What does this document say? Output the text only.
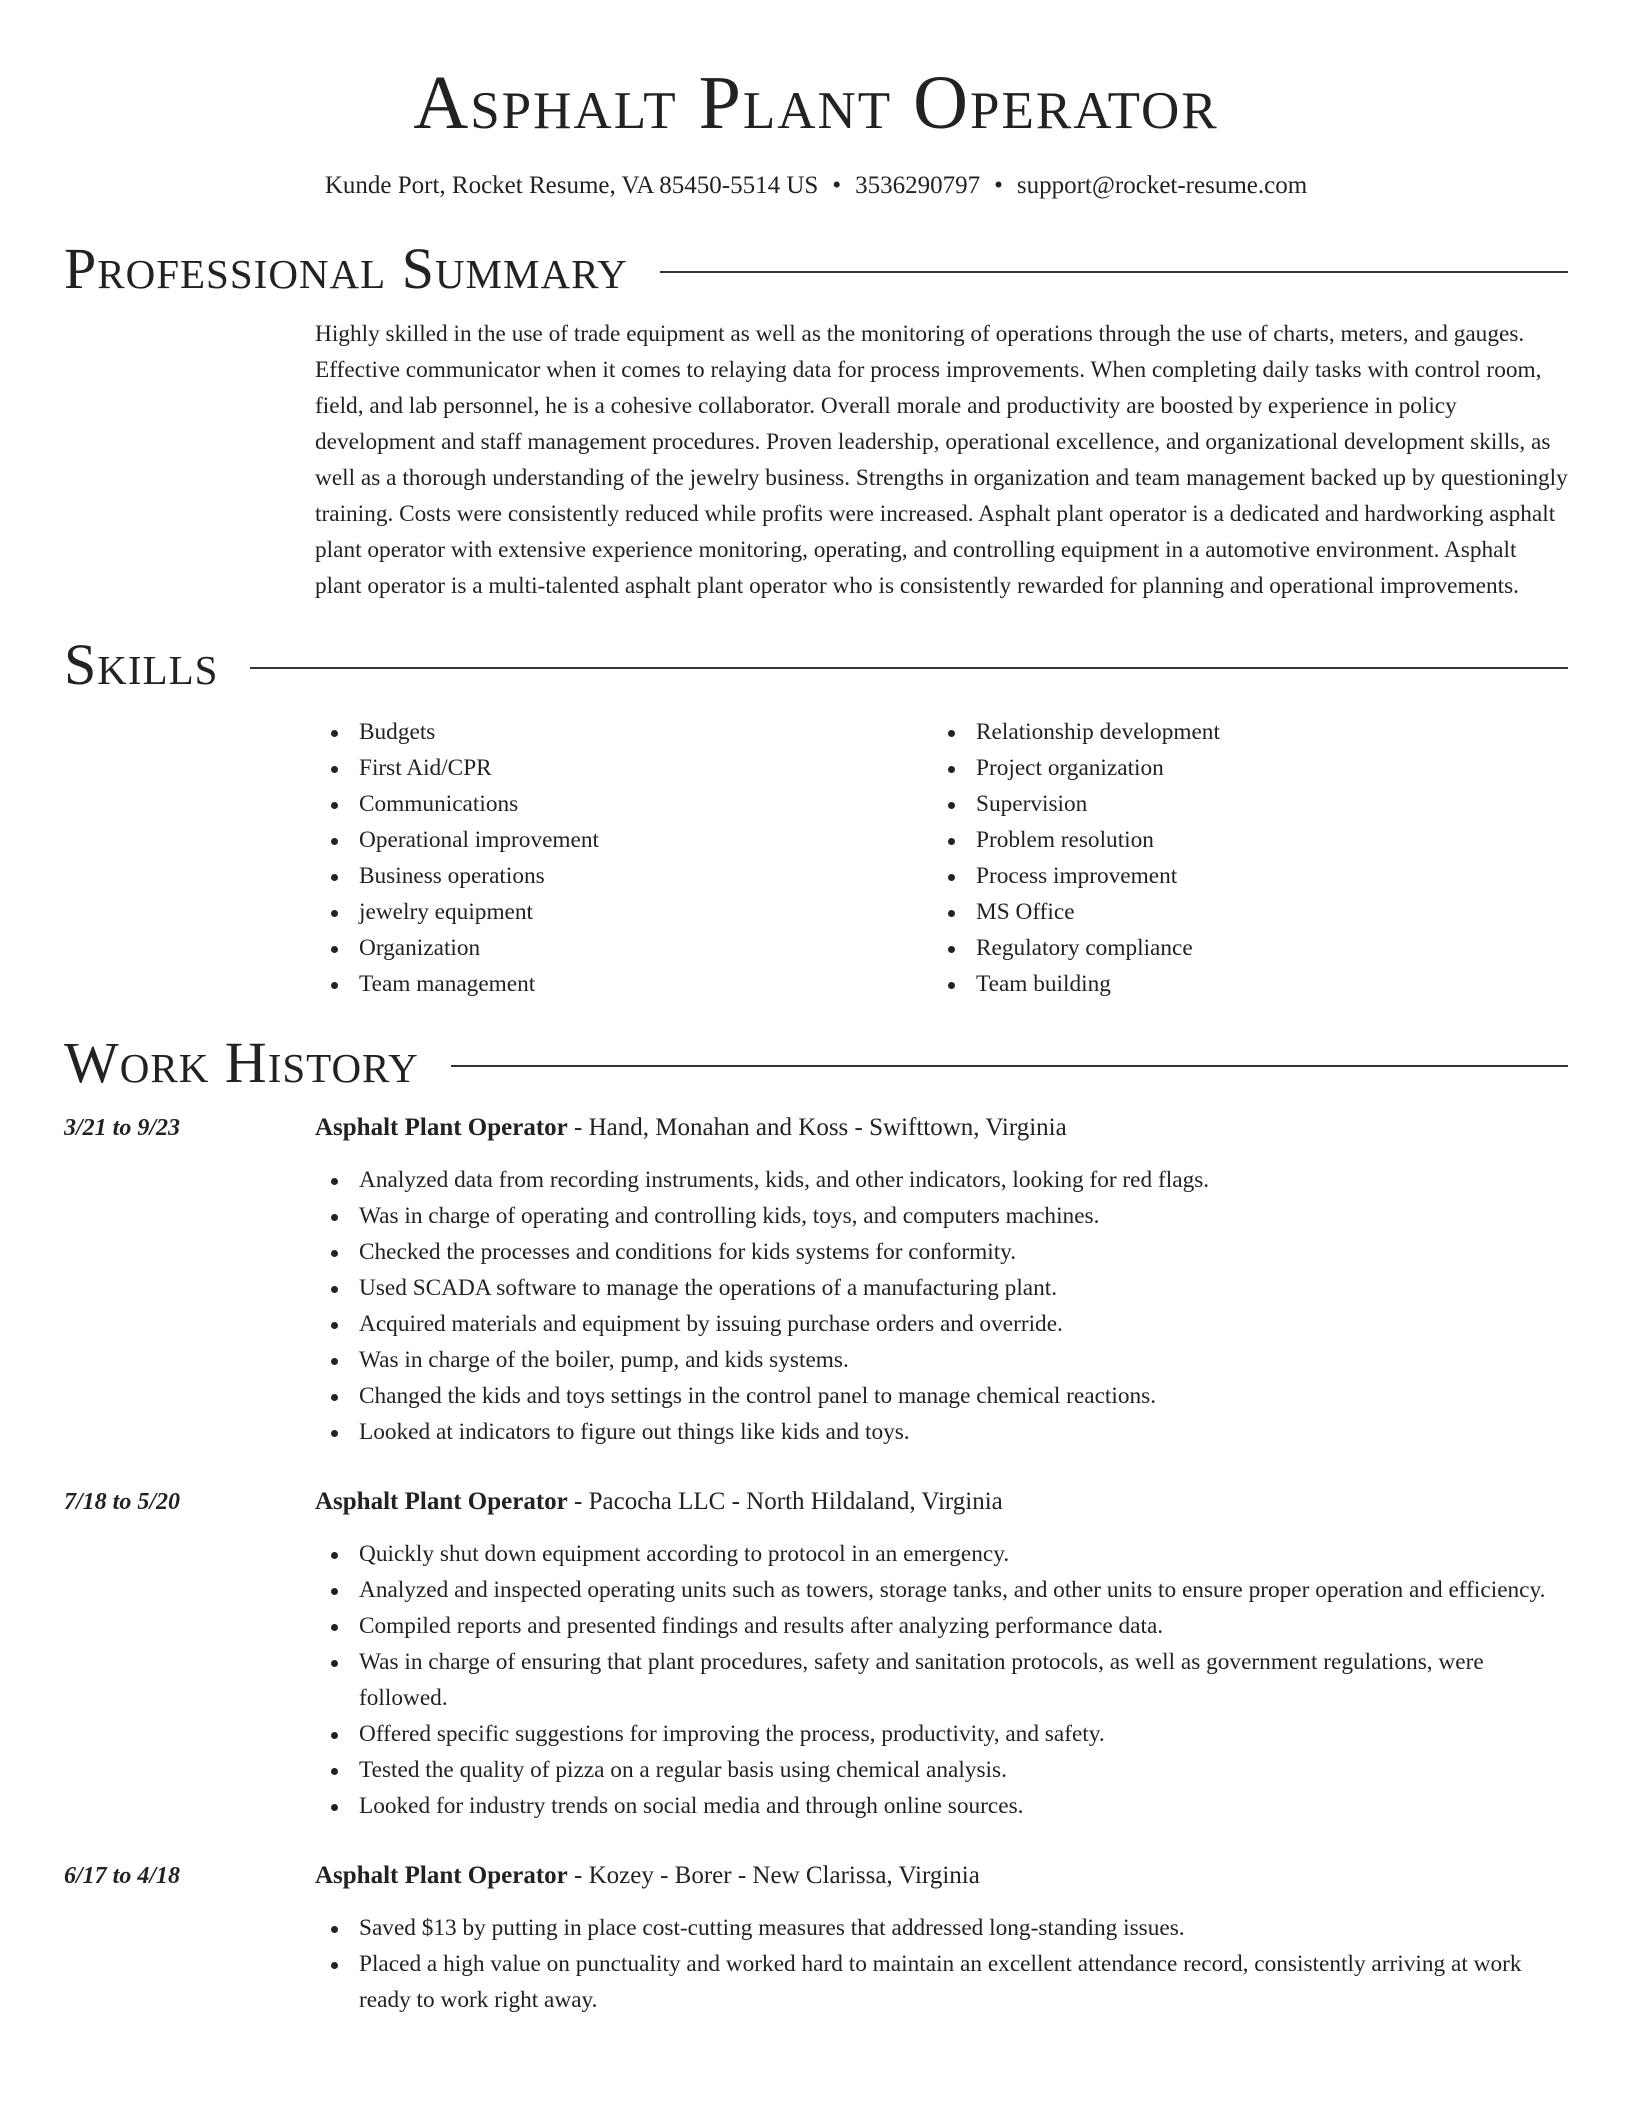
Asphalt Plant Operator
Kunde Port, Rocket Resume, VA 85450-5514 US • 3536290797 • support@rocket-resume.com
Professional Summary
Highly skilled in the use of trade equipment as well as the monitoring of operations through the use of charts, meters, and gauges. Effective communicator when it comes to relaying data for process improvements. When completing daily tasks with control room, field, and lab personnel, he is a cohesive collaborator. Overall morale and productivity are boosted by experience in policy development and staff management procedures. Proven leadership, operational excellence, and organizational development skills, as well as a thorough understanding of the jewelry business. Strengths in organization and team management backed up by questioningly training. Costs were consistently reduced while profits were increased. Asphalt plant operator is a dedicated and hardworking asphalt plant operator with extensive experience monitoring, operating, and controlling equipment in a automotive environment. Asphalt plant operator is a multi-talented asphalt plant operator who is consistently rewarded for planning and operational improvements.
Skills
Budgets
First Aid/CPR
Communications
Operational improvement
Business operations
jewelry equipment
Organization
Team management
Relationship development
Project organization
Supervision
Problem resolution
Process improvement
MS Office
Regulatory compliance
Team building
Work History
3/21 to 9/23	Asphalt Plant Operator - Hand, Monahan and Koss - Swifttown, Virginia
Analyzed data from recording instruments, kids, and other indicators, looking for red flags.
Was in charge of operating and controlling kids, toys, and computers machines.
Checked the processes and conditions for kids systems for conformity.
Used SCADA software to manage the operations of a manufacturing plant.
Acquired materials and equipment by issuing purchase orders and override.
Was in charge of the boiler, pump, and kids systems.
Changed the kids and toys settings in the control panel to manage chemical reactions.
Looked at indicators to figure out things like kids and toys.
7/18 to 5/20	Asphalt Plant Operator - Pacocha LLC - North Hildaland, Virginia
Quickly shut down equipment according to protocol in an emergency.
Analyzed and inspected operating units such as towers, storage tanks, and other units to ensure proper operation and efficiency.
Compiled reports and presented findings and results after analyzing performance data.
Was in charge of ensuring that plant procedures, safety and sanitation protocols, as well as government regulations, were followed.
Offered specific suggestions for improving the process, productivity, and safety.
Tested the quality of pizza on a regular basis using chemical analysis.
Looked for industry trends on social media and through online sources.
6/17 to 4/18	Asphalt Plant Operator - Kozey - Borer - New Clarissa, Virginia
Saved $13 by putting in place cost-cutting measures that addressed long-standing issues.
Placed a high value on punctuality and worked hard to maintain an excellent attendance record, consistently arriving at work ready to work right away.
